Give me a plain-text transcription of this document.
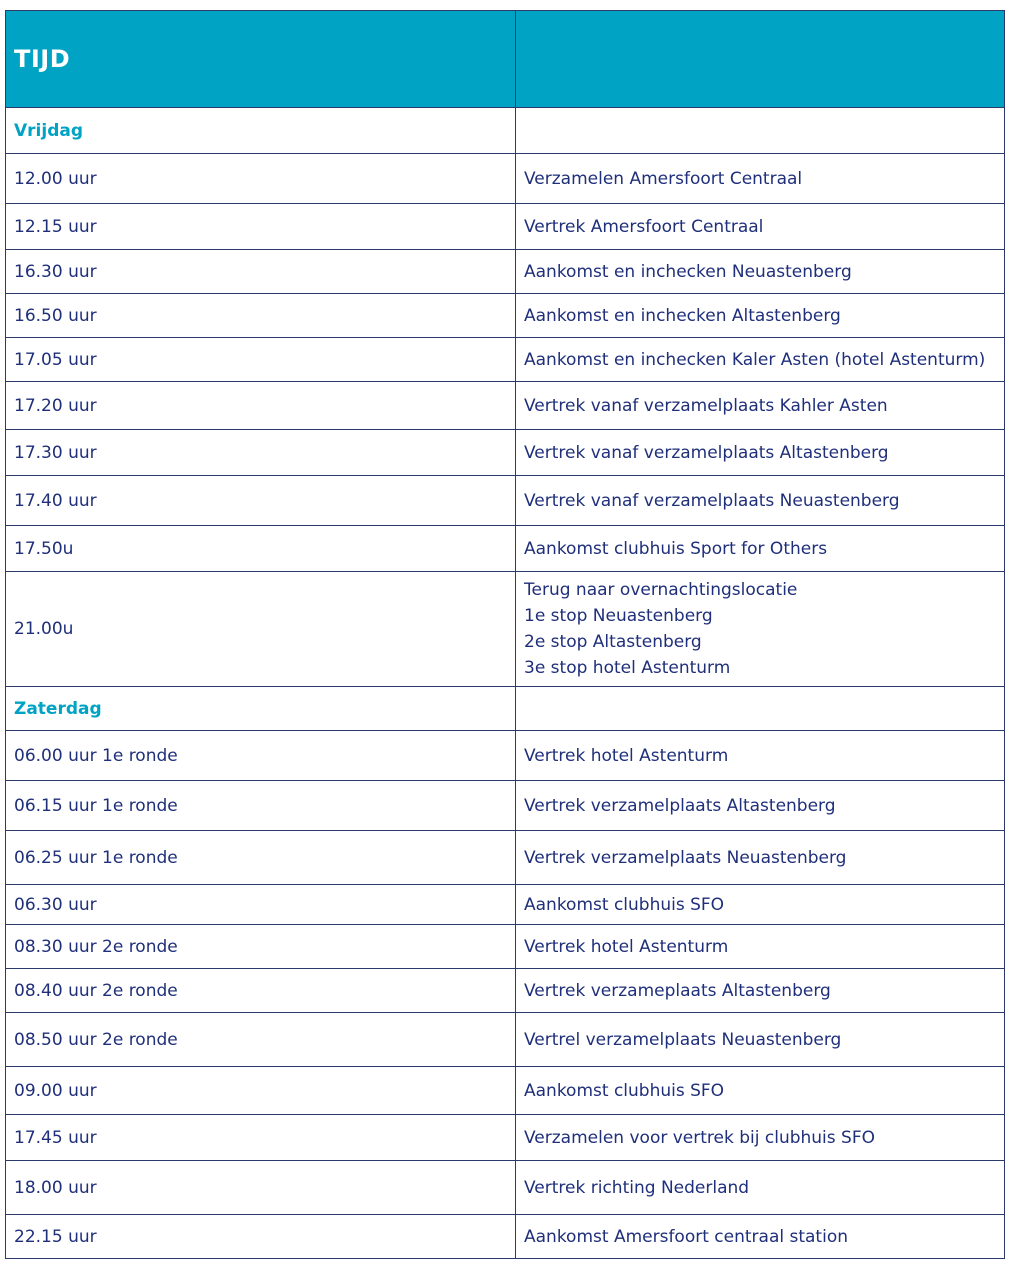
TIJD	
Vrijdag	
12.00 uur	Verzamelen Amersfoort Centraal

12.15 uur	Vertrek Amersfoort Centraal

16.30 uur	Aankomst en inchecken Neuastenberg

16.50 uur	Aankomst en inchecken Altastenberg

17.05 uur	Aankomst en inchecken Kaler Asten (hotel Astenturm)

17.20 uur	Vertrek vanaf verzamelplaats Kahler Asten

17.30 uur	Vertrek vanaf verzamelplaats Altastenberg

17.40 uur	Vertrek vanaf verzamelplaats Neuastenberg

17.50u	Aankomst clubhuis Sport for Others

21.00u	Terug naar overnachtingslocatie
1e stop Neuastenberg
2e stop Altastenberg
3e stop hotel Astenturm

Zaterdag	
06.00 uur 1e ronde	Vertrek hotel Astenturm

06.15 uur 1e ronde	Vertrek verzamelplaats Altastenberg

06.25 uur 1e ronde	Vertrek verzamelplaats Neuastenberg

06.30 uur	Aankomst clubhuis SFO

08.30 uur 2e ronde	Vertrek hotel Astenturm

08.40 uur 2e ronde	Vertrek verzameplaats Altastenberg

08.50 uur 2e ronde	Vertrel verzamelplaats Neuastenberg

09.00 uur	Aankomst clubhuis SFO

17.45 uur	Verzamelen voor vertrek bij clubhuis SFO

18.00 uur	Vertrek richting Nederland

22.15 uur	Aankomst Amersfoort centraal station
